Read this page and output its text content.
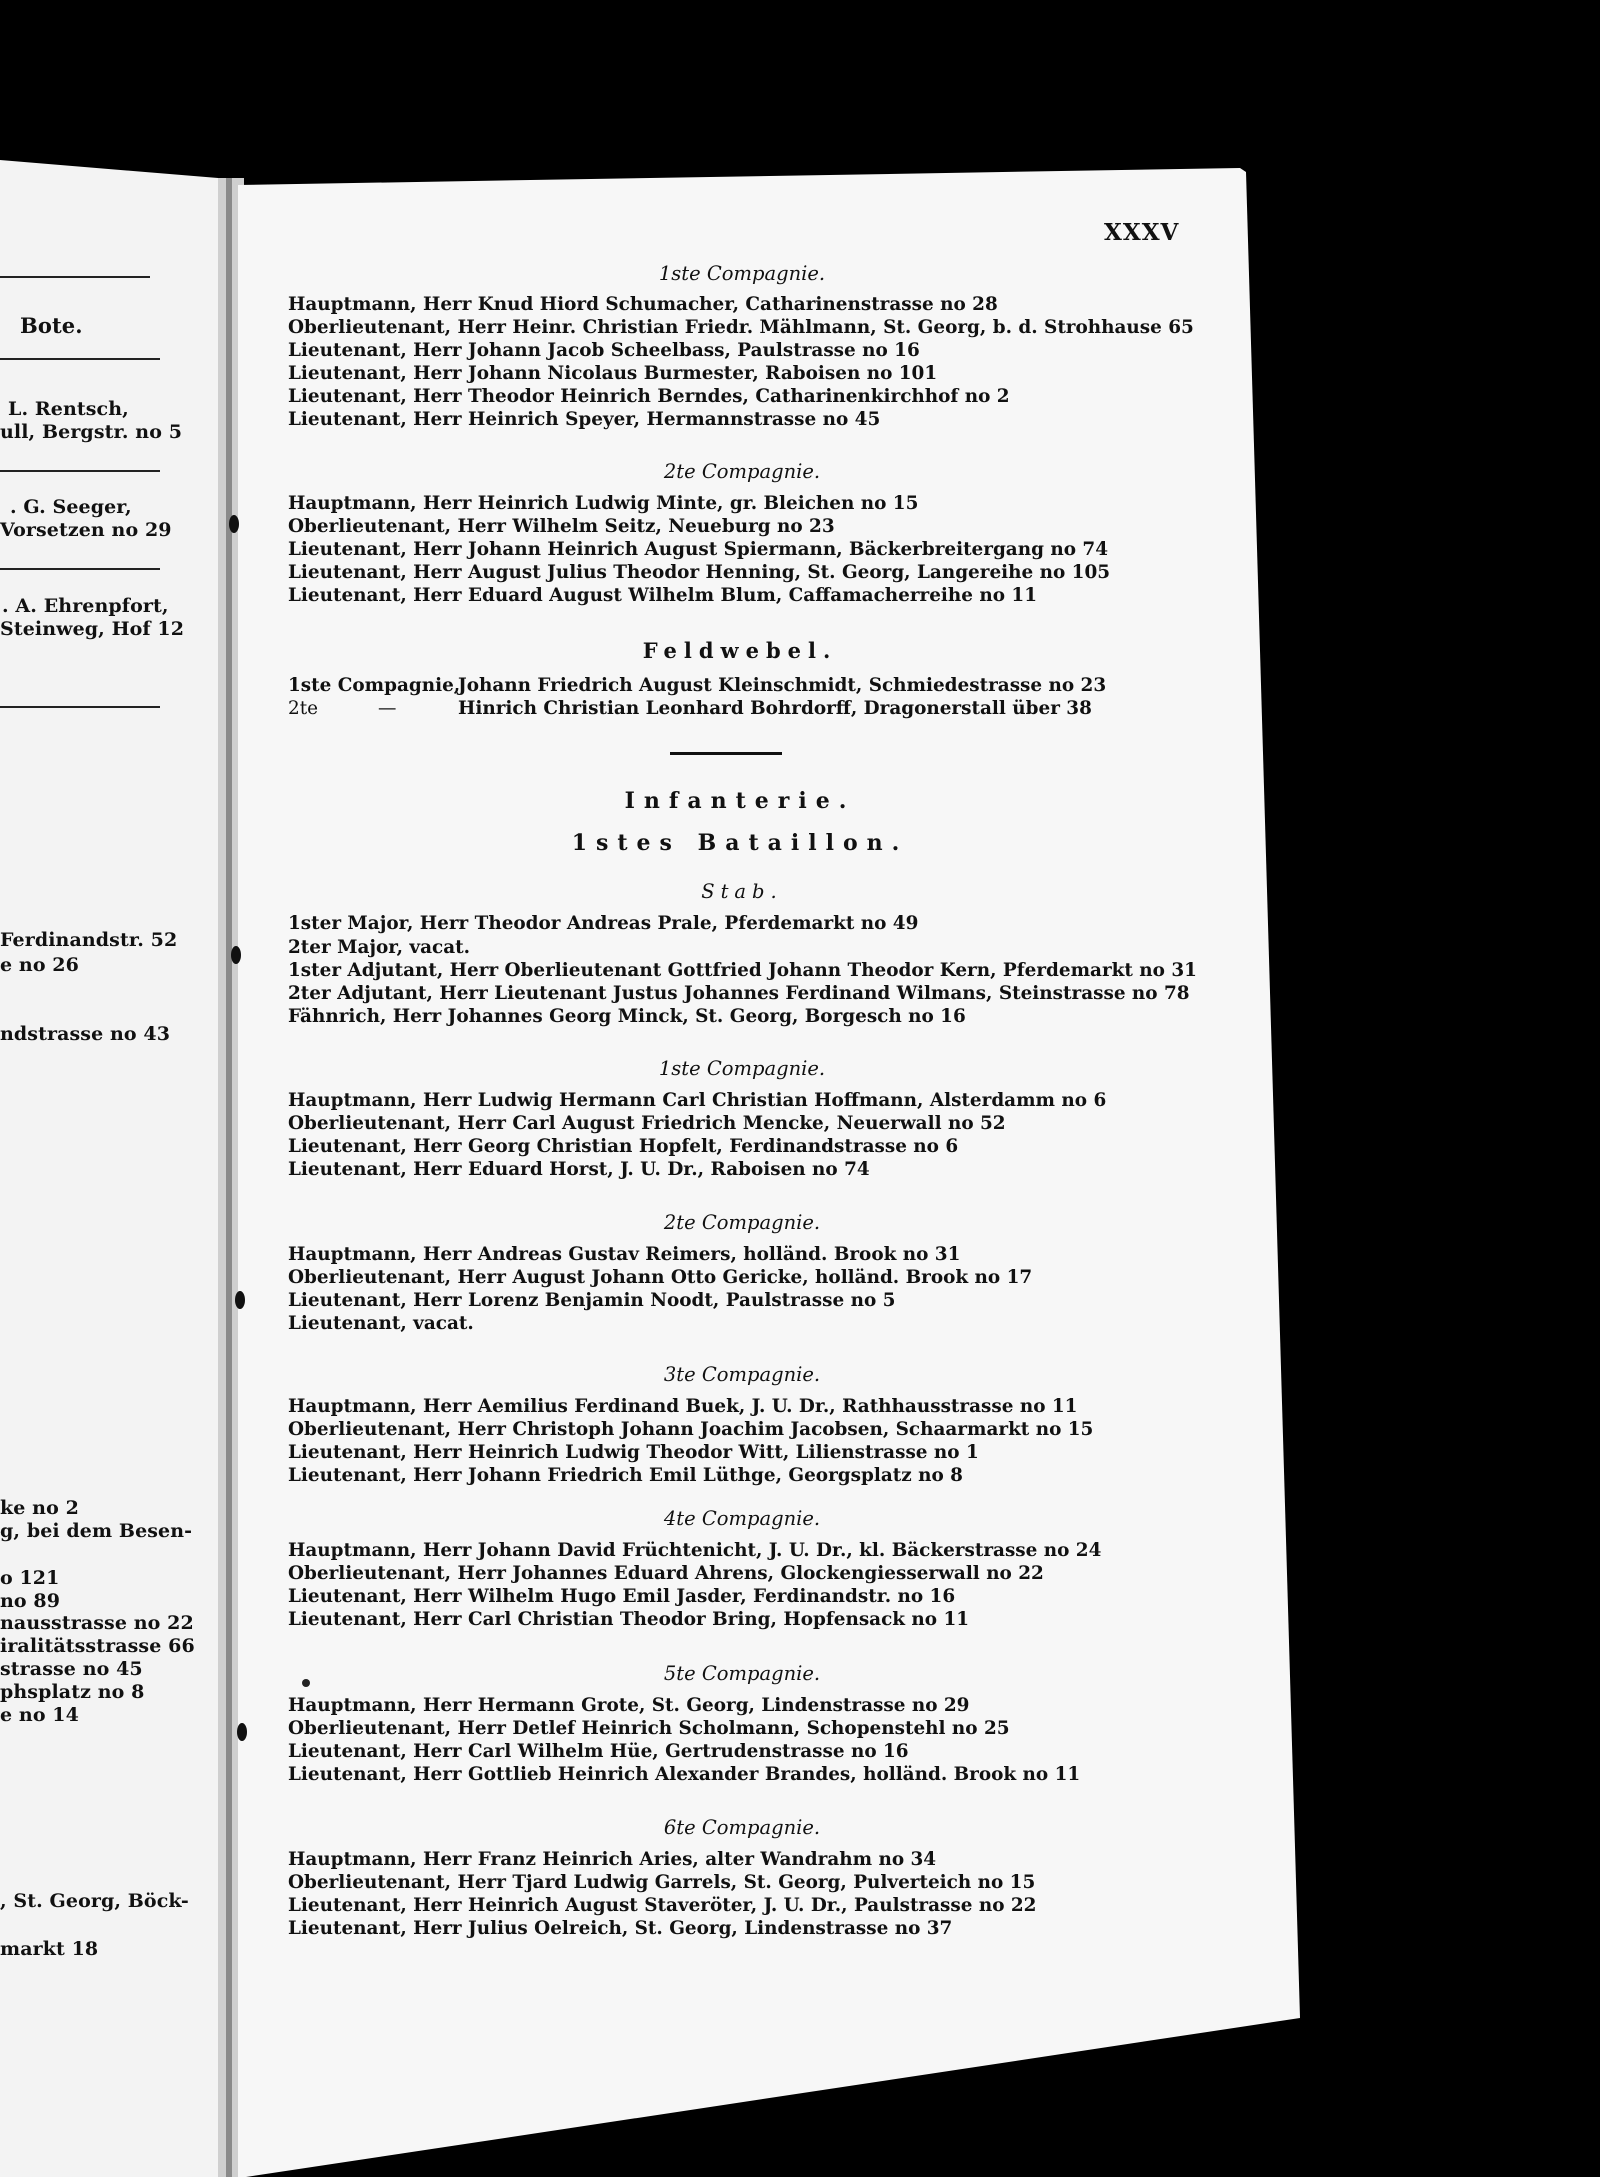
Bote.
L. Rentsch,
ull, Bergstr. no 5
. G. Seeger,
Vorsetzen no 29
. A. Ehrenpfort,
Steinweg, Hof 12
Ferdinandstr. 52
e no 26
ndstrasse no 43
ke no 2
g, bei dem Besen-
o 121
no 89
nausstrasse no 22
iralitätsstrasse 66
strasse no 45
phsplatz no 8
e no 14
, St. Georg, Böck-
markt 18
XXXV
1ste Compagnie.
Hauptmann, Herr Knud Hiord Schumacher, Catharinenstrasse no 28
Oberlieutenant, Herr Heinr. Christian Friedr. Mählmann, St. Georg, b. d. Strohhause 65
Lieutenant, Herr Johann Jacob Scheelbass, Paulstrasse no 16
Lieutenant, Herr Johann Nicolaus Burmester, Raboisen no 101
Lieutenant, Herr Theodor Heinrich Berndes, Catharinenkirchhof no 2
Lieutenant, Herr Heinrich Speyer, Hermannstrasse no 45
2te Compagnie.
Hauptmann, Herr Heinrich Ludwig Minte, gr. Bleichen no 15
Oberlieutenant, Herr Wilhelm Seitz, Neueburg no 23
Lieutenant, Herr Johann Heinrich August Spiermann, Bäckerbreitergang no 74
Lieutenant, Herr August Julius Theodor Henning, St. Georg, Langereihe no 105
Lieutenant, Herr Eduard August Wilhelm Blum, Caffamacherreihe no 11
Feldwebel.
1ste Compagnie,
Johann Friedrich August Kleinschmidt, Schmiedestrasse no 23
2te	—	Hinrich Christian Leonhard Bohrdorff, Dragonerstall über 38
Infanterie.
1stes Bataillon.
Stab.
1ster Major, Herr Theodor Andreas Prale, Pferdemarkt no 49
2ter Major, vacat.
1ster Adjutant, Herr Oberlieutenant Gottfried Johann Theodor Kern, Pferdemarkt no 31
2ter Adjutant, Herr Lieutenant Justus Johannes Ferdinand Wilmans, Steinstrasse no 78
Fähnrich, Herr Johannes Georg Minck, St. Georg, Borgesch no 16
1ste Compagnie.
Hauptmann, Herr Ludwig Hermann Carl Christian Hoffmann, Alsterdamm no 6
Oberlieutenant, Herr Carl August Friedrich Mencke, Neuerwall no 52
Lieutenant, Herr Georg Christian Hopfelt, Ferdinandstrasse no 6
Lieutenant, Herr Eduard Horst, J. U. Dr., Raboisen no 74
2te Compagnie.
Hauptmann, Herr Andreas Gustav Reimers, holländ. Brook no 31
Oberlieutenant, Herr August Johann Otto Gericke, holländ. Brook no 17
Lieutenant, Herr Lorenz Benjamin Noodt, Paulstrasse no 5
Lieutenant, vacat.
3te Compagnie.
Hauptmann, Herr Aemilius Ferdinand Buek, J. U. Dr., Rathhausstrasse no 11
Oberlieutenant, Herr Christoph Johann Joachim Jacobsen, Schaarmarkt no 15
Lieutenant, Herr Heinrich Ludwig Theodor Witt, Lilienstrasse no 1
Lieutenant, Herr Johann Friedrich Emil Lüthge, Georgsplatz no 8
4te Compagnie.
Hauptmann, Herr Johann David Früchtenicht, J. U. Dr., kl. Bäckerstrasse no 24
Oberlieutenant, Herr Johannes Eduard Ahrens, Glockengiesserwall no 22
Lieutenant, Herr Wilhelm Hugo Emil Jasder, Ferdinandstr. no 16
Lieutenant, Herr Carl Christian Theodor Bring, Hopfensack no 11
5te Compagnie.
Hauptmann, Herr Hermann Grote, St. Georg, Lindenstrasse no 29
Oberlieutenant, Herr Detlef Heinrich Scholmann, Schopenstehl no 25
Lieutenant, Herr Carl Wilhelm Hüe, Gertrudenstrasse no 16
Lieutenant, Herr Gottlieb Heinrich Alexander Brandes, holländ. Brook no 11
6te Compagnie.
Hauptmann, Herr Franz Heinrich Aries, alter Wandrahm no 34
Oberlieutenant, Herr Tjard Ludwig Garrels, St. Georg, Pulverteich no 15
Lieutenant, Herr Heinrich August Staveröter, J. U. Dr., Paulstrasse no 22
Lieutenant, Herr Julius Oelreich, St. Georg, Lindenstrasse no 37
